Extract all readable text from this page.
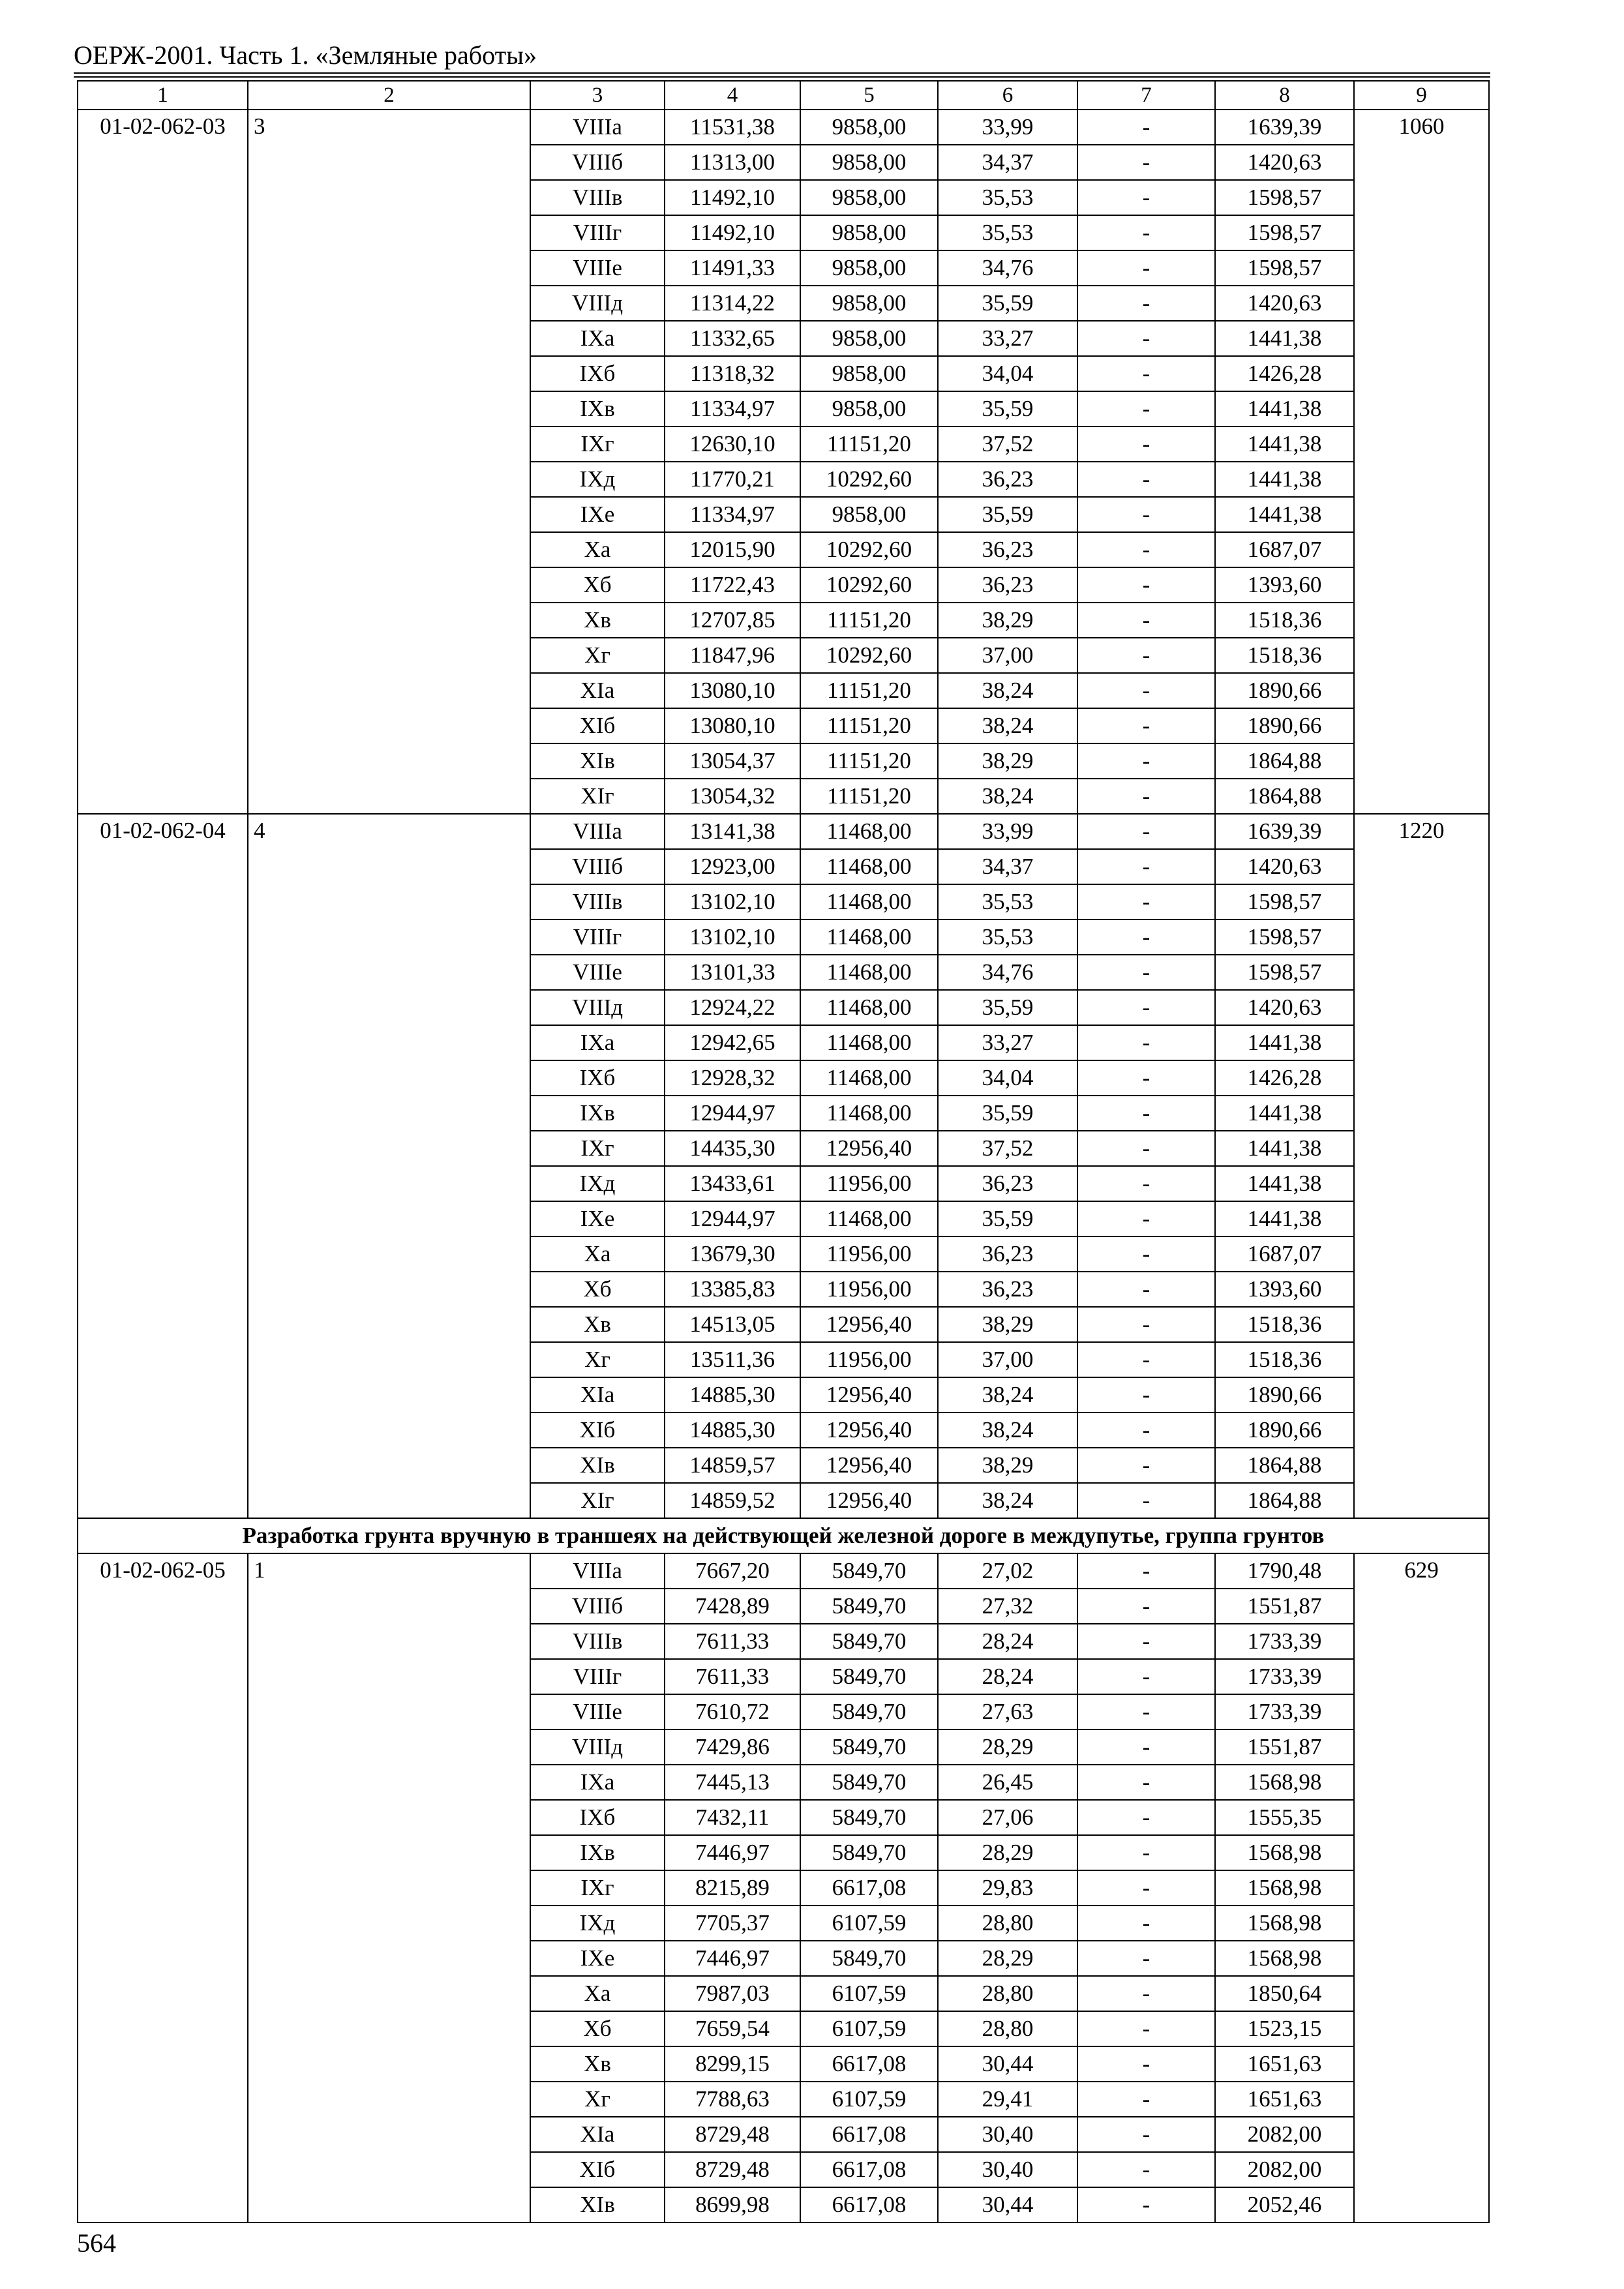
ОЕРЖ-2001. Часть 1. «Земляные работы»
1	2	3	4	5	6	7	8	9
01-02-062-03	3	VIIIа	11531,38	9858,00	33,99	-	1639,39	1060
		VIIIб	11313,00	9858,00	34,37	-	1420,63	
		VIIIв	11492,10	9858,00	35,53	-	1598,57	
		VIIIг	11492,10	9858,00	35,53	-	1598,57	
		VIIIе	11491,33	9858,00	34,76	-	1598,57	
		VIIIд	11314,22	9858,00	35,59	-	1420,63	
		IXа	11332,65	9858,00	33,27	-	1441,38	
		IXб	11318,32	9858,00	34,04	-	1426,28	
		IXв	11334,97	9858,00	35,59	-	1441,38	
		IXг	12630,10	11151,20	37,52	-	1441,38	
		IXд	11770,21	10292,60	36,23	-	1441,38	
		IXе	11334,97	9858,00	35,59	-	1441,38	
		Xа	12015,90	10292,60	36,23	-	1687,07	
		Xб	11722,43	10292,60	36,23	-	1393,60	
		Xв	12707,85	11151,20	38,29	-	1518,36	
		Xг	11847,96	10292,60	37,00	-	1518,36	
		XIа	13080,10	11151,20	38,24	-	1890,66	
		XIб	13080,10	11151,20	38,24	-	1890,66	
		XIв	13054,37	11151,20	38,29	-	1864,88	
		XIг	13054,32	11151,20	38,24	-	1864,88	
01-02-062-04	4	VIIIа	13141,38	11468,00	33,99	-	1639,39	1220
		VIIIб	12923,00	11468,00	34,37	-	1420,63	
		VIIIв	13102,10	11468,00	35,53	-	1598,57	
		VIIIг	13102,10	11468,00	35,53	-	1598,57	
		VIIIе	13101,33	11468,00	34,76	-	1598,57	
		VIIIд	12924,22	11468,00	35,59	-	1420,63	
		IXа	12942,65	11468,00	33,27	-	1441,38	
		IXб	12928,32	11468,00	34,04	-	1426,28	
		IXв	12944,97	11468,00	35,59	-	1441,38	
		IXг	14435,30	12956,40	37,52	-	1441,38	
		IXд	13433,61	11956,00	36,23	-	1441,38	
		IXе	12944,97	11468,00	35,59	-	1441,38	
		Xа	13679,30	11956,00	36,23	-	1687,07	
		Xб	13385,83	11956,00	36,23	-	1393,60	
		Xв	14513,05	12956,40	38,29	-	1518,36	
		Xг	13511,36	11956,00	37,00	-	1518,36	
		XIа	14885,30	12956,40	38,24	-	1890,66	
		XIб	14885,30	12956,40	38,24	-	1890,66	
		XIв	14859,57	12956,40	38,29	-	1864,88	
		XIг	14859,52	12956,40	38,24	-	1864,88	
Разработка грунта вручную в траншеях на действующей железной дороге в междупутье, группа грунтов								
01-02-062-05	1	VIIIа	7667,20	5849,70	27,02	-	1790,48	629
		VIIIб	7428,89	5849,70	27,32	-	1551,87	
		VIIIв	7611,33	5849,70	28,24	-	1733,39	
		VIIIг	7611,33	5849,70	28,24	-	1733,39	
		VIIIе	7610,72	5849,70	27,63	-	1733,39	
		VIIIд	7429,86	5849,70	28,29	-	1551,87	
		IXа	7445,13	5849,70	26,45	-	1568,98	
		IXб	7432,11	5849,70	27,06	-	1555,35	
		IXв	7446,97	5849,70	28,29	-	1568,98	
		IXг	8215,89	6617,08	29,83	-	1568,98	
		IXд	7705,37	6107,59	28,80	-	1568,98	
		IXе	7446,97	5849,70	28,29	-	1568,98	
		Xа	7987,03	6107,59	28,80	-	1850,64	
		Xб	7659,54	6107,59	28,80	-	1523,15	
		Xв	8299,15	6617,08	30,44	-	1651,63	
		Xг	7788,63	6107,59	29,41	-	1651,63	
		XIа	8729,48	6617,08	30,40	-	2082,00	
		XIб	8729,48	6617,08	30,40	-	2082,00	
		XIв	8699,98	6617,08	30,44	-	2052,46	
564
